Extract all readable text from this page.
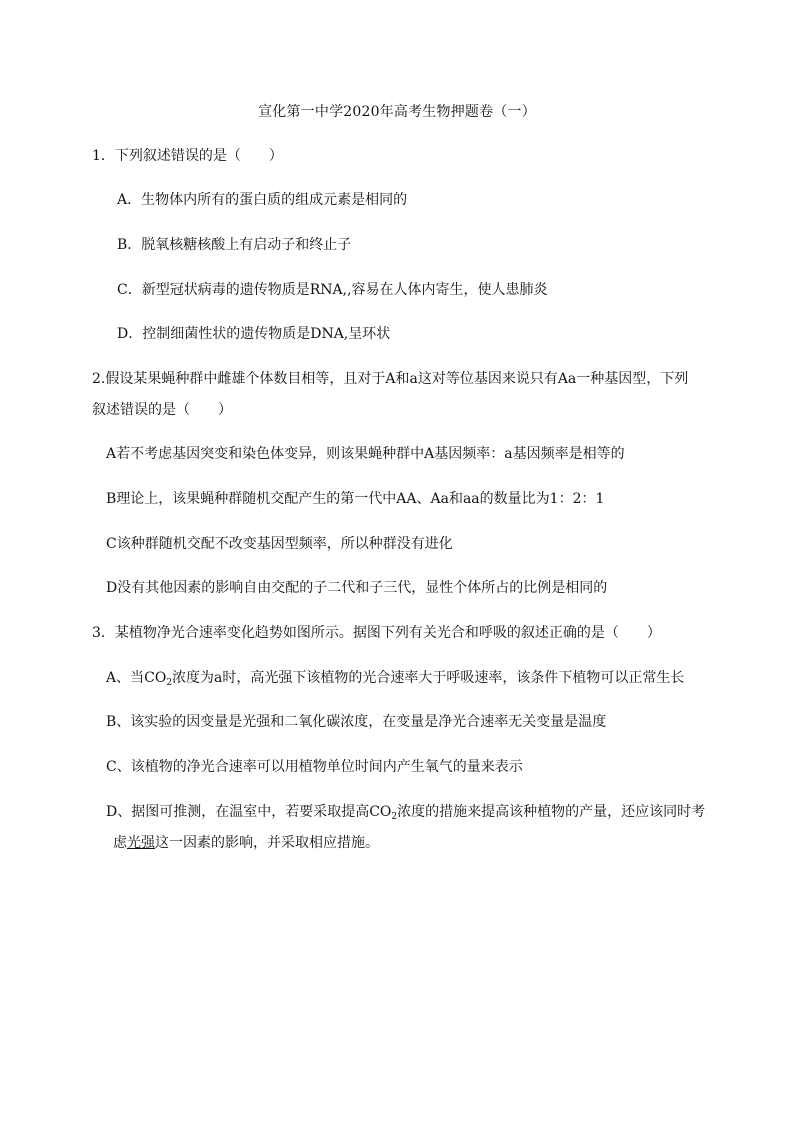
宣化第一中学2020年高考生物押题卷（一）
1．下列叙述错误的是（　　）
A．生物体内所有的蛋白质的组成元素是相同的
B．脱氧核糖核酸上有启动子和终止子
C．新型冠状病毒的遗传物质是RNA,,容易在人体内寄生，使人患肺炎
D．控制细菌性状的遗传物质是DNA,呈环状
2.假设某果蝇种群中雌雄个体数目相等，且对于A和a这对等位基因来说只有Aa一种基因型，下列
叙述错误的是（　　）
A若不考虑基因突变和染色体变异，则该果蝇种群中A基因频率：a基因频率是相等的
B理论上，该果蝇种群随机交配产生的第一代中AA、Aa和aa的数量比为1：2：1
C该种群随机交配不改变基因型频率，所以种群没有进化
D没有其他因素的影响自由交配的子二代和子三代，显性个体所占的比例是相同的
3．某植物净光合速率变化趋势如图所示。据图下列有关光合和呼吸的叙述正确的是（　　）
A、当$CO_2$浓度为a时，高光强下该植物的光合速率大于呼吸速率，该条件下植物可以正常生长
B、该实验的因变量是光强和二氧化碳浓度，在变量是净光合速率无关变量是温度
C、该植物的净光合速率可以用植物单位时间内产生氧气的量来表示
D、据图可推测，在温室中，若要采取提高$CO_2$浓度的措施来提高该种植物的产量，还应该同时考
虑光强这一因素的影响，并采取相应措施。
